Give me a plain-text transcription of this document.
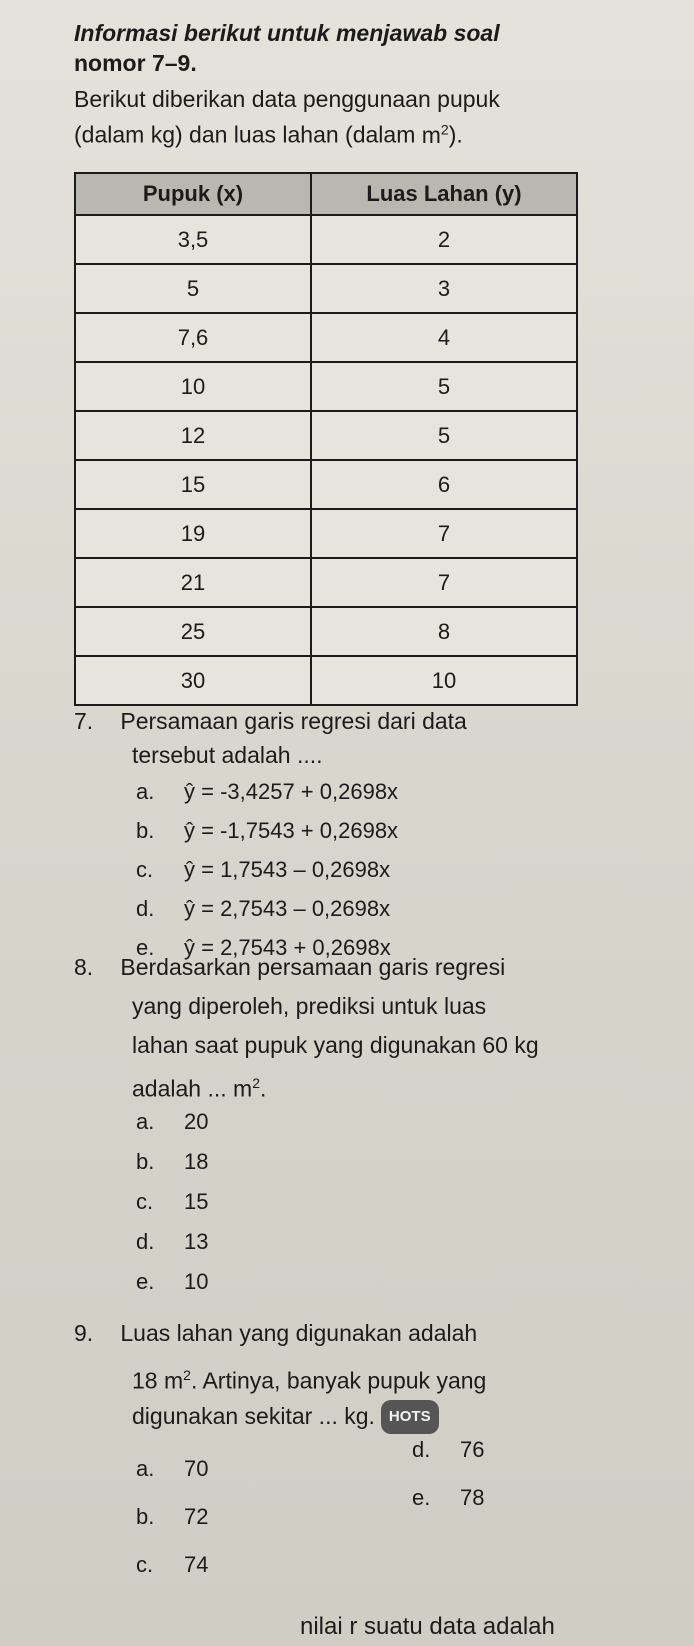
Informasi berikut untuk menjawab soal

nomor 7–9.

Berikut diberikan data penggunaan pupuk

(dalam kg) dan luas lahan (dalam $m^2$).

Pupuk (x)	Luas Lahan (y)
3,5	2
5	3
7,6	4
10	5
12	5
15	6
19	7
21	7
25	8
30	10
7. Persamaan garis regresi dari data
tersebut adalah ....
a. ŷ = -3,4257 + 0,2698x
b. ŷ = -1,7543 + 0,2698x
c. ŷ = 1,7543 – 0,2698x
d. ŷ = 2,7543 – 0,2698x
e. ŷ = 2,7543 + 0,2698x
8. Berdasarkan persamaan garis regresi
yang diperoleh, prediksi untuk luas
lahan saat pupuk yang digunakan 60 kg
adalah ... $m^2$.
a. 20
b. 18
c. 15
d. 13
e. 10
9. Luas lahan yang digunakan adalah
18 $m^2$. Artinya, banyak pupuk yang
digunakan sekitar ... kg. HOTS
a. 70
b. 72
c. 74
d. 76
e. 78
nilai r suatu data adalah
